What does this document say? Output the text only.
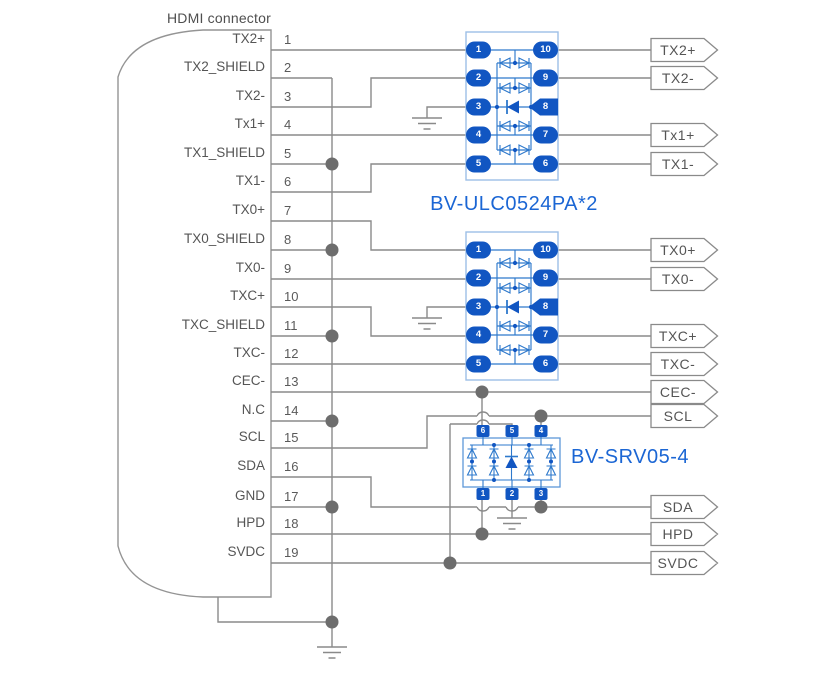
HDMI connector
BV-ULC0524PA*2
BV-SRV05-4
TX2+ 1
TX2_SHIELD 2
TX2- 3
Tx1+ 4
TX1_SHIELD 5
TX1- 6
TX0+ 7
TX0_SHIELD 8
TX0- 9
TXC+ 10
TXC_SHIELD 11
TXC- 12
CEC- 13
N.C 14
SCL 15
SDA 16
GND 17
HPD 18
SVDC 19
TX2+
TX2-
Tx1+
TX1-
TX0+
TX0-
TXC+
TXC-
CEC-
SCL
SDA
HPD
SVDC
1	10
2	9
3	8
4	7
5	6
1	10
2	9
3	8
4	7
5	6
6
1
5
2
4
3
